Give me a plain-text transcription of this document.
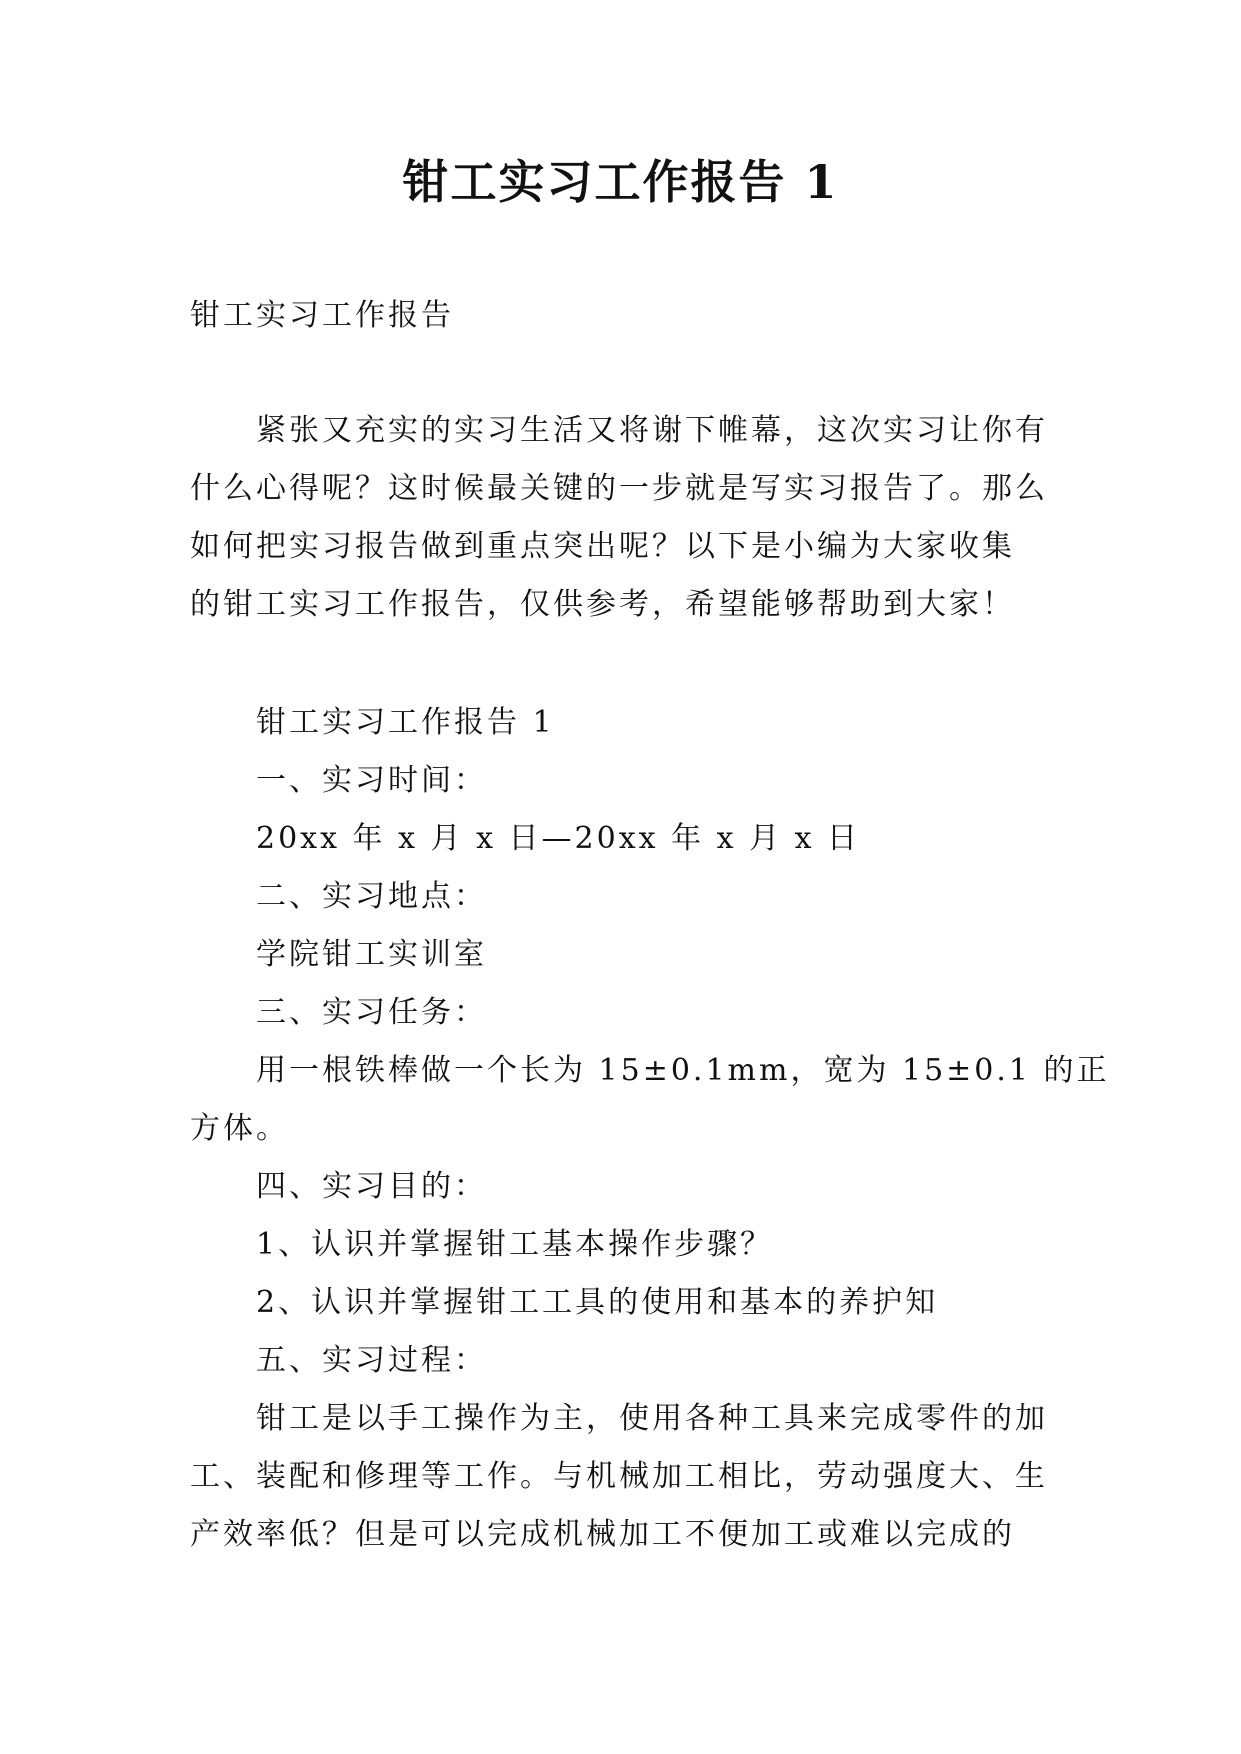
钳工实习工作报告 1
钳工实习工作报告
紧张又充实的实习生活又将谢下帷幕，这次实习让你有
什么心得呢？这时候最关键的一步就是写实习报告了。那么
如何把实习报告做到重点突出呢？以下是小编为大家收集
的钳工实习工作报告，仅供参考，希望能够帮助到大家！
钳工实习工作报告 1
一、实习时间：
20xx 年 x 月 x 日—20xx 年 x 月 x 日
二、实习地点：
学院钳工实训室
三、实习任务：
用一根铁棒做一个长为 15±0.1mm，宽为 15±0.1 的正
方体。
四、实习目的：
1、认识并掌握钳工基本操作步骤？
2、认识并掌握钳工工具的使用和基本的养护知
五、实习过程：
钳工是以手工操作为主，使用各种工具来完成零件的加
工、装配和修理等工作。与机械加工相比，劳动强度大、生
产效率低？但是可以完成机械加工不便加工或难以完成的
